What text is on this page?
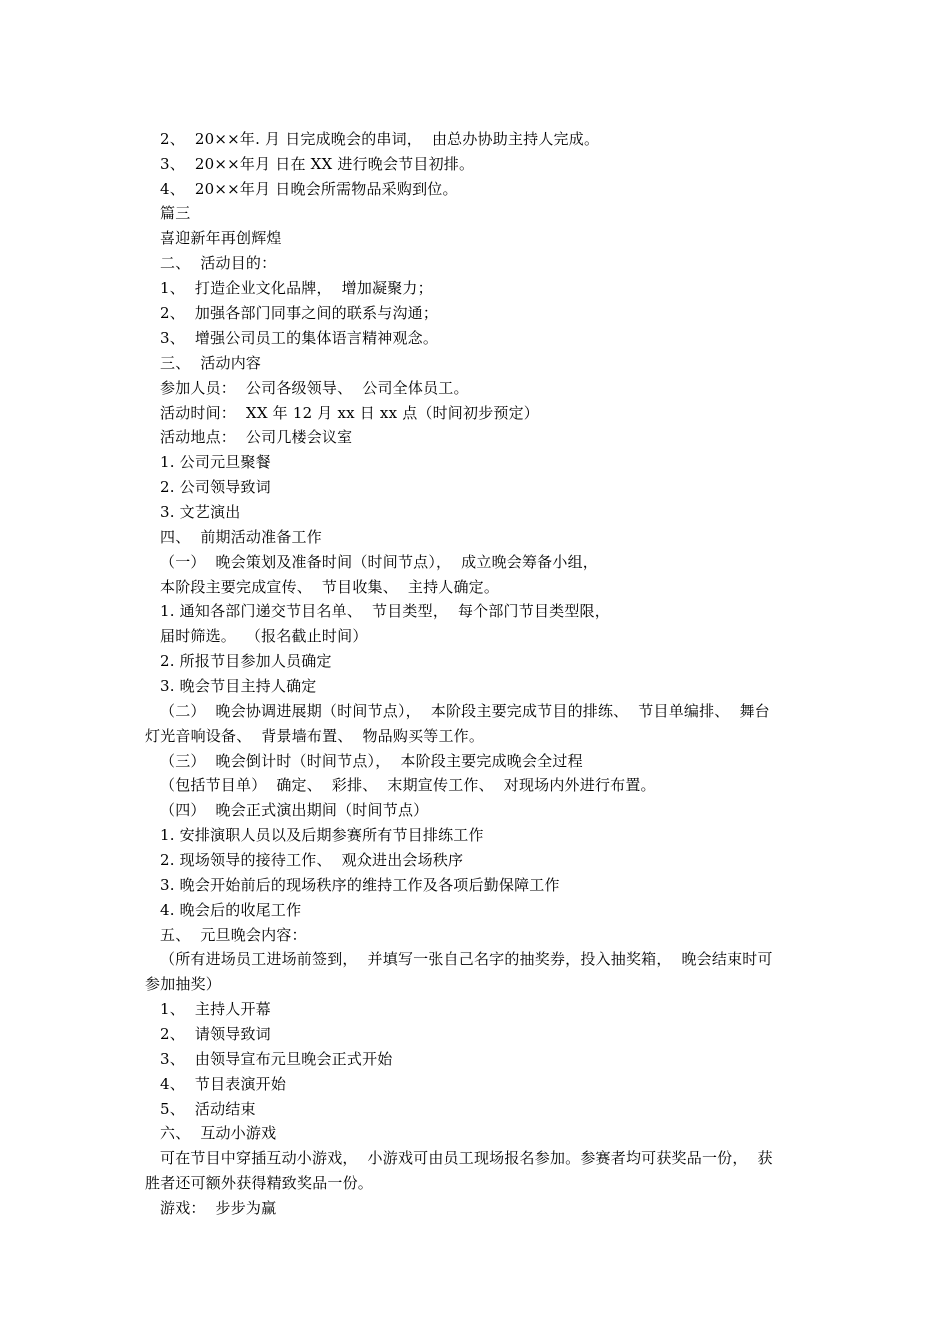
2、  20××年. 月 日完成晚会的串词，  由总办协助主持人完成。
3、  20××年月 日在 XX 进行晚会节目初排。
4、  20××年月 日晚会所需物品采购到位。
篇三
喜迎新年再创辉煌
二、  活动目的：
1、  打造企业文化品牌，  增加凝聚力；
2、  加强各部门同事之间的联系与沟通；
3、  增强公司员工的集体语言精神观念。
三、  活动内容
参加人员：  公司各级领导、  公司全体员工。
活动时间：  XX 年 12 月 xx 日 xx 点（时间初步预定）
活动地点：  公司几楼会议室
1. 公司元旦聚餐
2. 公司领导致词
3. 文艺演出
四、  前期活动准备工作
（一）  晚会策划及准备时间（时间节点），  成立晚会筹备小组，
本阶段主要完成宣传、  节目收集、  主持人确定。
1. 通知各部门递交节目名单、  节目类型，  每个部门节目类型限，
届时筛选。  （报名截止时间）
2. 所报节目参加人员确定
3. 晚会节目主持人确定
（二）  晚会协调进展期（时间节点），  本阶段主要完成节目的排练、  节目单编排、  舞台
灯光音响设备、  背景墙布置、  物品购买等工作。
（三）  晚会倒计时（时间节点），  本阶段主要完成晚会全过程
（包括节目单）  确定、  彩排、  末期宣传工作、  对现场内外进行布置。
（四）  晚会正式演出期间（时间节点）
1. 安排演职人员以及后期参赛所有节目排练工作
2. 现场领导的接待工作、  观众进出会场秩序
3. 晚会开始前后的现场秩序的维持工作及各项后勤保障工作
4. 晚会后的收尾工作
五、  元旦晚会内容：
（所有进场员工进场前签到，  并填写一张自己名字的抽奖券，投入抽奖箱，  晚会结束时可
参加抽奖）
1、  主持人开幕
2、  请领导致词
3、  由领导宣布元旦晚会正式开始
4、  节目表演开始
5、  活动结束
六、  互动小游戏
可在节目中穿插互动小游戏，  小游戏可由员工现场报名参加。参赛者均可获奖品一份，  获
胜者还可额外获得精致奖品一份。
游戏：  步步为赢
